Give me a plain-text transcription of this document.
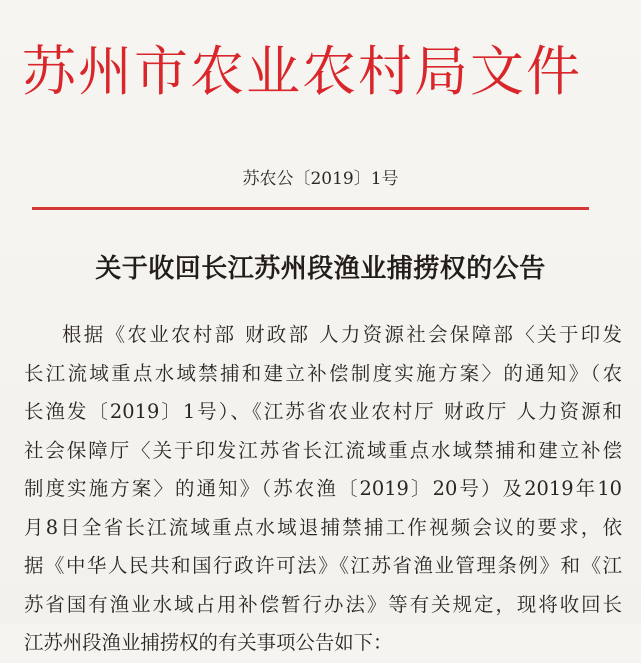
苏州市农业农村局文件
苏农公〔2019〕1号
关于收回长江苏州段渔业捕捞权的公告
根据《农业农村部 财政部 人力资源社会保障部〈关于印发
长江流域重点水域禁捕和建立补偿制度实施方案〉的通知》（农
长渔发〔2019〕1号）、《江苏省农业农村厅 财政厅 人力资源和
社会保障厅〈关于印发江苏省长江流域重点水域禁捕和建立补偿
制度实施方案〉的通知》（苏农渔〔2019〕20号）及2019年10
月8日全省长江流域重点水域退捕禁捕工作视频会议的要求，依
据《中华人民共和国行政许可法》《江苏省渔业管理条例》和《江
苏省国有渔业水域占用补偿暂行办法》等有关规定，现将收回长
江苏州段渔业捕捞权的有关事项公告如下：
